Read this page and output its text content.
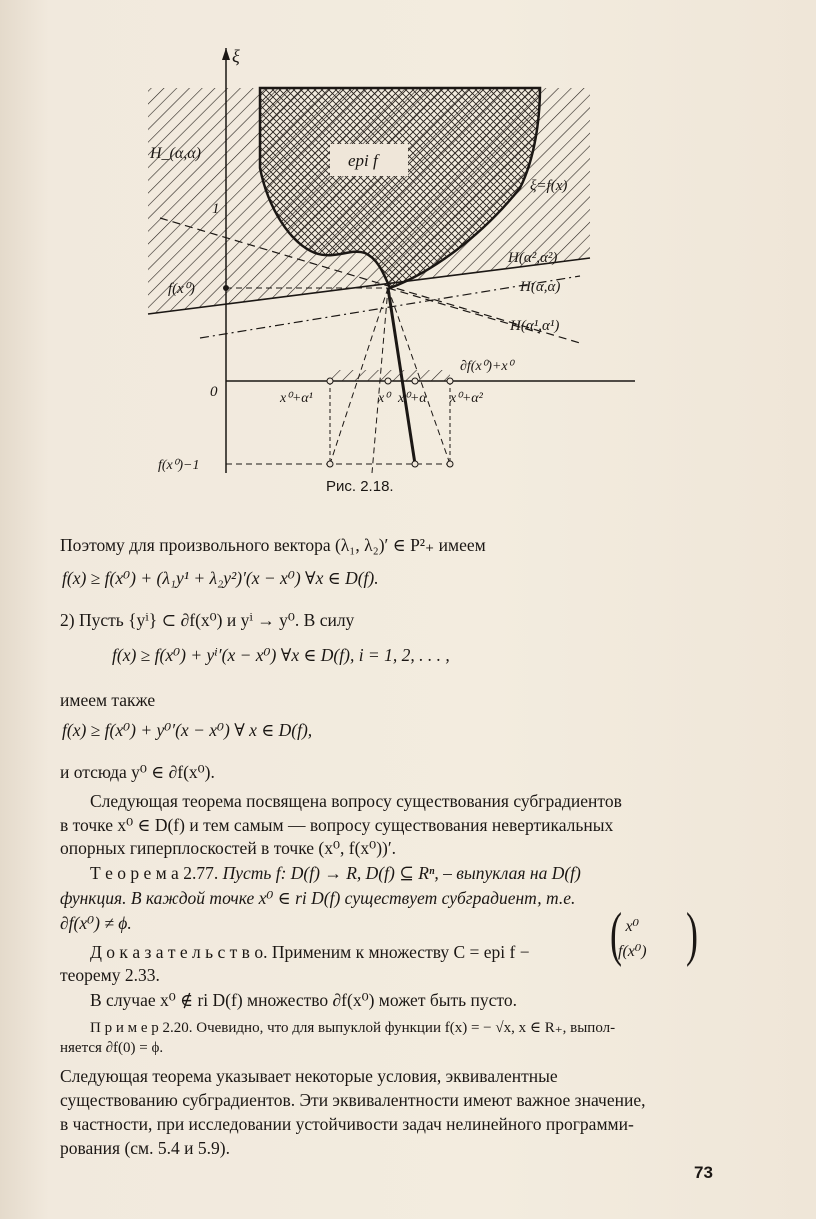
ξ
H_(α,α)	epi f
ξ=f(x)
1
f(x⁰)
H(α²,α²)
H(α,α)
H(α¹,α¹)
∂f(x⁰)+x⁰
0	x⁰+α¹	x⁰ x⁰+α x⁰+α²
f(x⁰)−1
Рис. 2.18.
Поэтому для произвольного вектора (λ₁, λ₂)′ ∈ P²₊ имеем
f(x) ≥ f(x⁰) + (λ₁y¹ + λ₂y²)′(x − x⁰) ∀x ∈ D(f).
2) Пусть {yⁱ} ⊂ ∂f(x⁰) и yⁱ → y⁰. В силу
f(x) ≥ f(x⁰) + yⁱ′(x − x⁰) ∀x ∈ D(f), i = 1, 2, . . . ,
имеем также
f(x) ≥ f(x⁰) + y⁰′(x − x⁰) ∀ x ∈ D(f),
и отсюда y⁰ ∈ ∂f(x⁰).
Следующая теорема посвящена вопросу существования субградиентов
в точке x⁰ ∈ D(f) и тем самым — вопросу существования невертикальных
опорных гиперплоскостей в точке (x⁰, f(x⁰))′.
Т е о р е м а 2.77. Пусть f: D(f) → R, D(f) ⊆ Rⁿ, – выпуклая на D(f)
функция. В каждой точке x⁰ ∈ ri D(f) существует субградиент, т.е.
∂f(x⁰) ≠ ϕ.
Д о к а з а т е л ь с т в о. Применим к множеству C = epi f − ( x⁰
f(x⁰) )
теорему 2.33.
В случае x⁰ ∉ ri D(f) множество ∂f(x⁰) может быть пусто.
П р и м е р 2.20. Очевидно, что для выпуклой функции f(x) = − √x, x ∈ R₊, выпол-
няется ∂f(0) = ϕ.
Следующая теорема указывает некоторые условия, эквивалентные
существованию субградиентов. Эти эквивалентности имеют важное значение,
в частности, при исследовании устойчивости задач нелинейного программи-
рования (см. 5.4 и 5.9).
73
